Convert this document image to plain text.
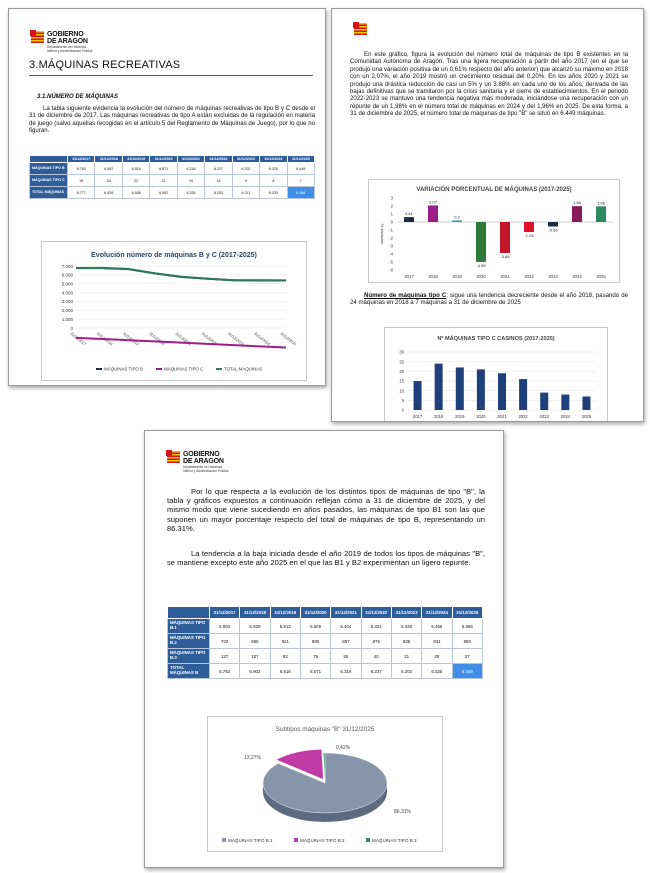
GOBIERNO
DE ARAGON
Departamento de Hacienda,
Interior y Administración Pública
3.MÁQUINAS RECREATIVAS
3.1.NÚMERO DE MÁQUINAS
La tabla siguiente evidencia la evolución del número de máquinas recreativas de tipo B y C desde el 31 de diciembre de 2017. Las máquinas recreativas de tipo A están excluidas de la regulación en materia de juego (salvo aquellas recogidas en el artículo 5 del Reglamento de Máquinas de Juego), por lo que no figuran.
	31/12/2017	31/12/2018	31/12/2019	31/12/2020	31/12/2021	31/12/2022	31/12/2023	31/12/2024	31/12/2025
MÁQUINAS TIPO B	6.762	6.902	6.916	6.571	6.316	6.237	6.202	6.325	6.449
MÁQUINAS TIPO C	15	24	22	21	19	16	9	8	7
TOTAL MÁQUINAS	6.777	6.926	6.938	6.592	6.335	6.253	6.211	6.333	6.456
Evolución número de máquinas B y C (2017-2025)
7.000
6.000
5.000
4.000
3.000
2.000
1.000
0
31/12/2017 31/12/2018 31/12/2019 31/12/2020 31/12/2021 31/12/2022 31/12/2023 31/12/2024 31/12/2025
MÁQUINAS TIPO B	MÁQUINAS TIPO C	TOTAL MÁQUINAS
En este gráfico, figura la evolución del número total de máquinas de tipo B existentes en la Comunidad Autónoma de Aragón. Tras una ligera recuperación a partir del año 2017 (en el que se produjo una variación positiva de un 0,61% respecto del año anterior) que alcanzó su máximo en 2018 con un 2,07%, el año 2019 mostró un crecimiento residual del 0,20%. En los años 2020 y 2021 se produjo una drástica reducción de casi un 5% y un 3.88% en cada uno de los años, derivada de las bajas definitivas que se tramitaron por la crisis sanitaria y el cierre de establecimientos. En el periodo 2022-2023 se mantuvo una tendencia negativa más moderada, iniciándose una recuperación con un repunte de un 1,98% en el número total de máquinas en 2024 y del 1,96% en 2025. De esta forma, a 31 de diciembre de 2025, el número total de máquinas de tipo "B" se situó en 6.449 máquinas.
VARIACIÓN PORCENTUAL DE MÁQUINAS (2017-2025)
3
2
1
0
-1
-2
-3
-4
-5
-6
% variación
0.61
2017
2.07
2018
0.2
2019
-4.99
2020
-3.88
2021
-1.25
2022
-0.56
2023
1.98
2024
1.96
2025
Número de máquinas tipo C: sigue una tendencia decreciente desde el año 2018, pasando de 24 máquinas en 2018 a 7 máquinas a 31 de diciembre de 2025
Nº MÁQUINAS TIPO C CASINOS (2017-2025)
30
25
20
15
10
5
0
2017	2018	2019	2020	2021	2022	2023	2024	2025
GOBIERNO
DE ARAGON
Departamento de Hacienda,
Interior y Administración Pública
Por lo que respecta a la evolución de los distintos tipos de máquinas de tipo "B", la tabla y gráficos expuestos a continuación reflejan cómo a 31 de diciembre de 2025, y del mismo modo que viene sucediendo en años pasados, las máquinas de tipo B1 son las que suponen un mayor porcentaje respecto del total de máquinas de tipo B, representando un 86.31%.
La tendencia a la baja iniciada desde el año 2019 de todos los tipos de máquinas "B", se mantiene excepto este año 2025 en el que las B1 y B2 experimentan un ligero repunte.
	31/12/2017	31/12/2018	31/12/2019	31/12/2020	31/12/2021	31/12/2022	31/12/2023	31/12/2024	31/12/2025
MÁQUINAS TIPO B.1	5.903	5.929	5.912	5.609	5.404	5.322	5.338	5.466	5.566
MÁQUINAS TIPO B.2	732	866	921	886	857	875	835	831	856
MÁQUINAS TIPO B.3	127	107	83	76	55	40	31	28	27
TOTAL MÁQUINAS B	6.762	6.902	6.916	6.571	6.316	6.237	6.202	6.325	6.449
Subtipos máquinas "B" 31/12/2025
86,31%
13,27%
0,42%
MÁQUINAS TIPO B.1	MÁQUINAS TIPO B.2	MÁQUINAS TIPO B.3
